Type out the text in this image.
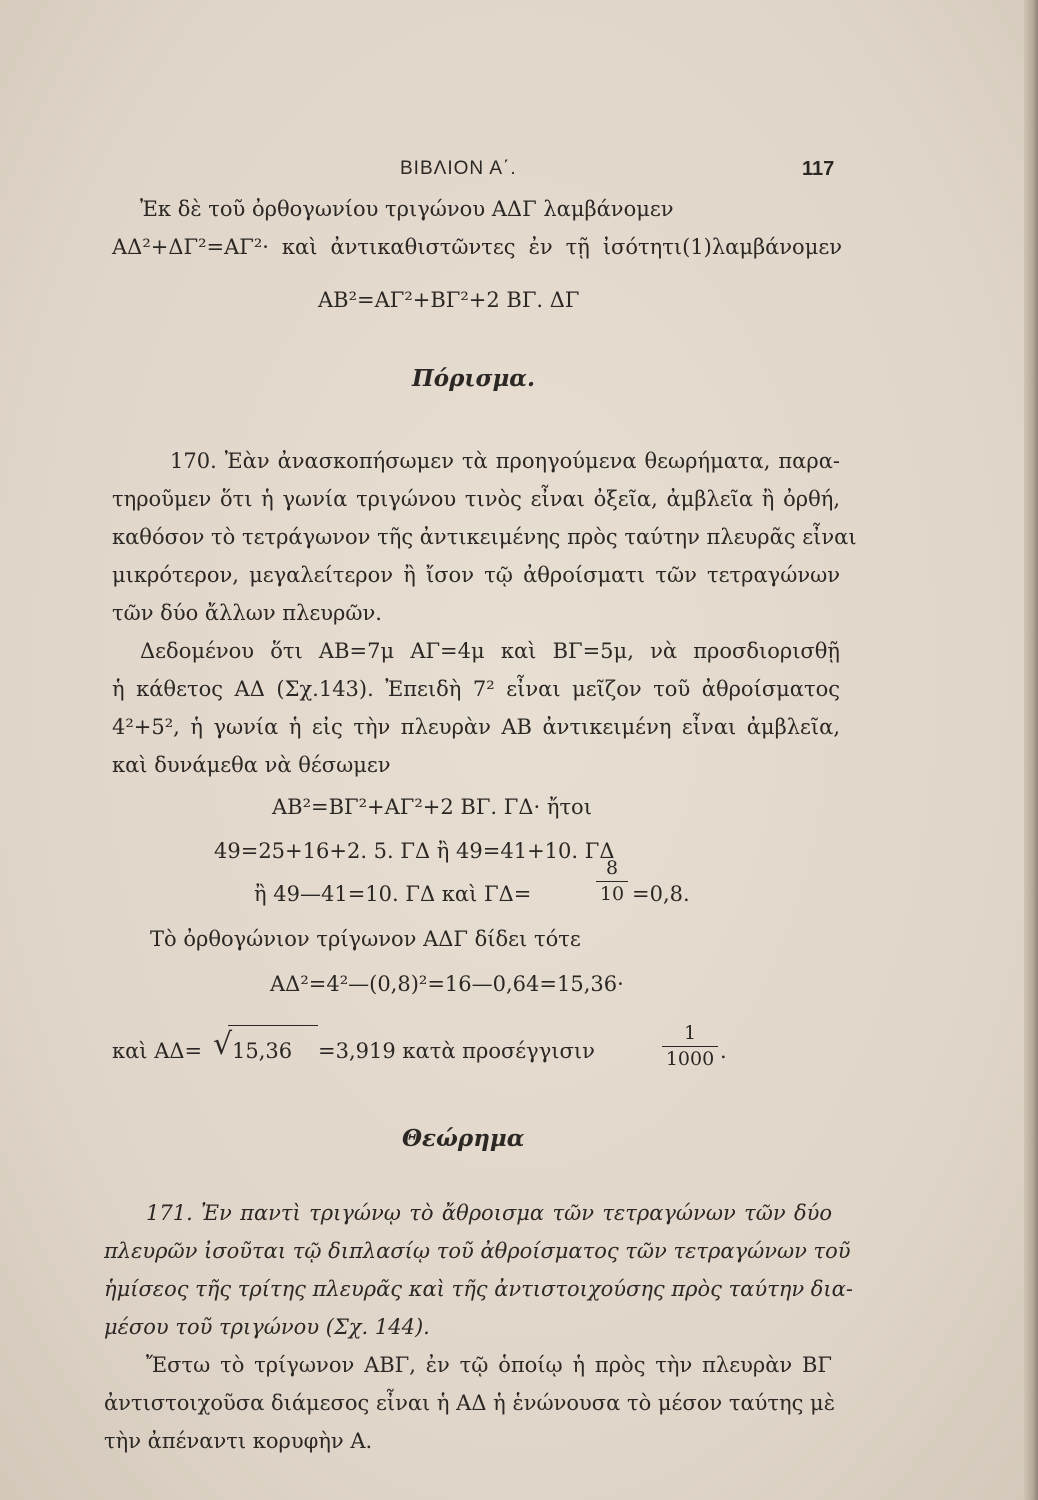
ΒΙΒΛΙΟΝ Α΄.	117
Ἐκ δὲ τοῦ ὀρθογωνίου τριγώνου ΑΔΓ λαμβάνομεν
ΑΔ²+ΔΓ²=ΑΓ²· καὶ ἀντικαθιστῶντες ἐν τῇ ἰσότητι(1)λαμβάνομεν
ΑΒ²=ΑΓ²+ΒΓ²+2 ΒΓ. ΔΓ
Πόρισμα.
170. Ἐὰν ἀνασκοπήσωμεν τὰ προηγούμενα θεωρήματα, παρα-
τηροῦμεν ὅτι ἡ γωνία τριγώνου τινὸς εἶναι ὀξεῖα, ἀμβλεῖα ἢ ὀρθή,
καθόσον τὸ τετράγωνον τῆς ἀντικειμένης πρὸς ταύτην πλευρᾶς εἶναι
μικρότερον, μεγαλείτερον ἢ ἴσον τῷ ἀθροίσματι τῶν τετραγώνων
τῶν δύο ἄλλων πλευρῶν.
Δεδομένου ὅτι ΑΒ=7μ ΑΓ=4μ καὶ ΒΓ=5μ, νὰ προσδιορισθῇ
ἡ κάθετος ΑΔ (Σχ.143). Ἐπειδὴ 7² εἶναι μεῖζον τοῦ ἀθροίσματος
4²+5², ἡ γωνία ἡ εἰς τὴν πλευρὰν ΑΒ ἀντικειμένη εἶναι ἀμβλεῖα,
καὶ δυνάμεθα νὰ θέσωμεν
ΑΒ²=ΒΓ²+ΑΓ²+2 ΒΓ. ΓΔ· ἤτοι
49=25+16+2. 5. ΓΔ ἢ 49=41+10. ΓΔ
ἢ 49—41=10. ΓΔ καὶ ΓΔ=	$\frac{8}{10} =0,8$.
Τὸ ὀρθογώνιον τρίγωνον ΑΔΓ δίδει τότε
ΑΔ²=4²—(0,8)²=16—0,64=15,36·
καὶ ΑΔ= √ 15,36 =3,919 κατὰ προσέγγισιν	$\frac{1}{1000}$ .
Θεώρημα
171. Ἐν παντὶ τριγώνῳ τὸ ἄθροισμα τῶν τετραγώνων τῶν δύο
πλευρῶν ἰσοῦται τῷ διπλασίῳ τοῦ ἀθροίσματος τῶν τετραγώνων τοῦ
ἡμίσεος τῆς τρίτης πλευρᾶς καὶ τῆς ἀντιστοιχούσης πρὸς ταύτην δια-
μέσου τοῦ τριγώνου (Σχ. 144).
Ἔστω τὸ τρίγωνον ΑΒΓ, ἐν τῷ ὁποίῳ ἡ πρὸς τὴν πλευρὰν ΒΓ
ἀντιστοιχοῦσα διάμεσος εἶναι ἡ ΑΔ ἡ ἑνώνουσα τὸ μέσον ταύτης μὲ
τὴν ἀπέναντι κορυφὴν Α.
